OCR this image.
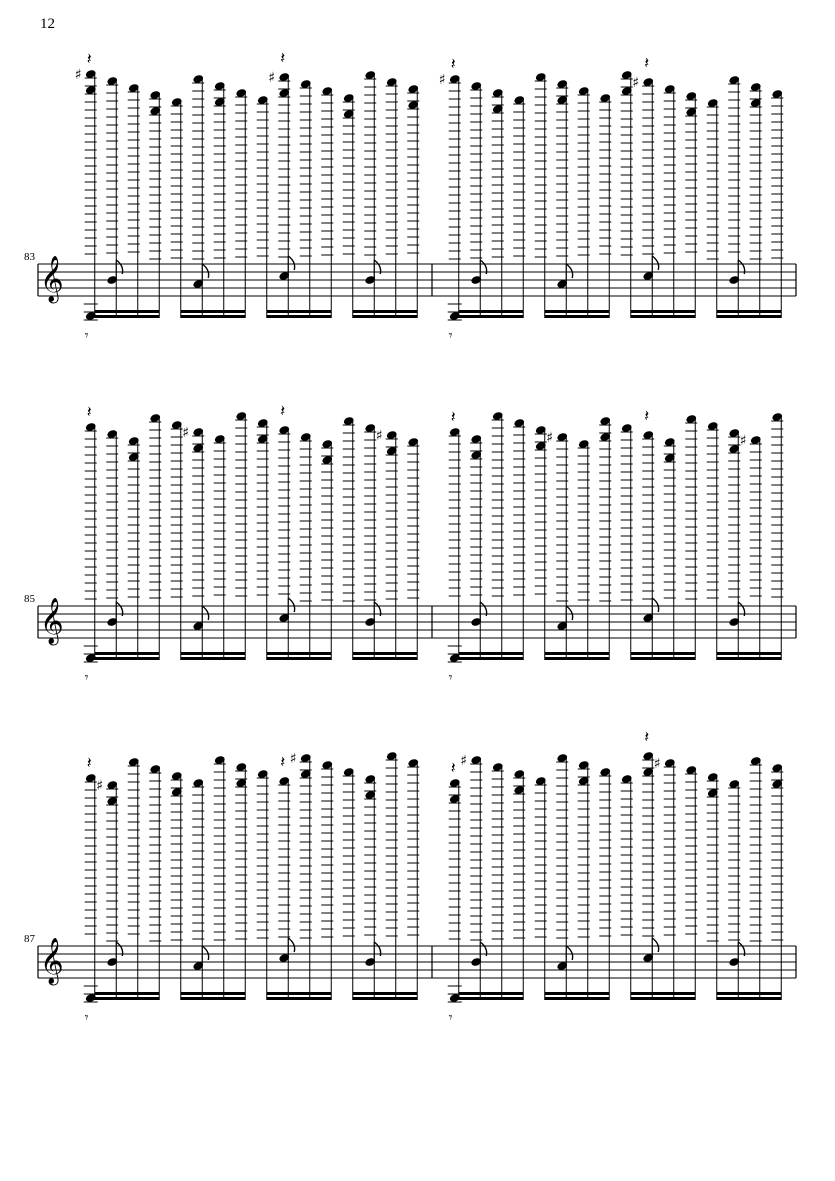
12
83 𝄞
♯
𝄽
♯
𝄽
𝄾
♯
𝄽
♯
𝄽
𝄾
85 𝄞
𝄽
♯
𝄽
♯
𝄾
𝄽
♯
𝄽
♯
𝄾
87 𝄞
𝄽
♯
𝄽 ♯
𝄾
𝄽 ♯
𝄽
♯
𝄾
